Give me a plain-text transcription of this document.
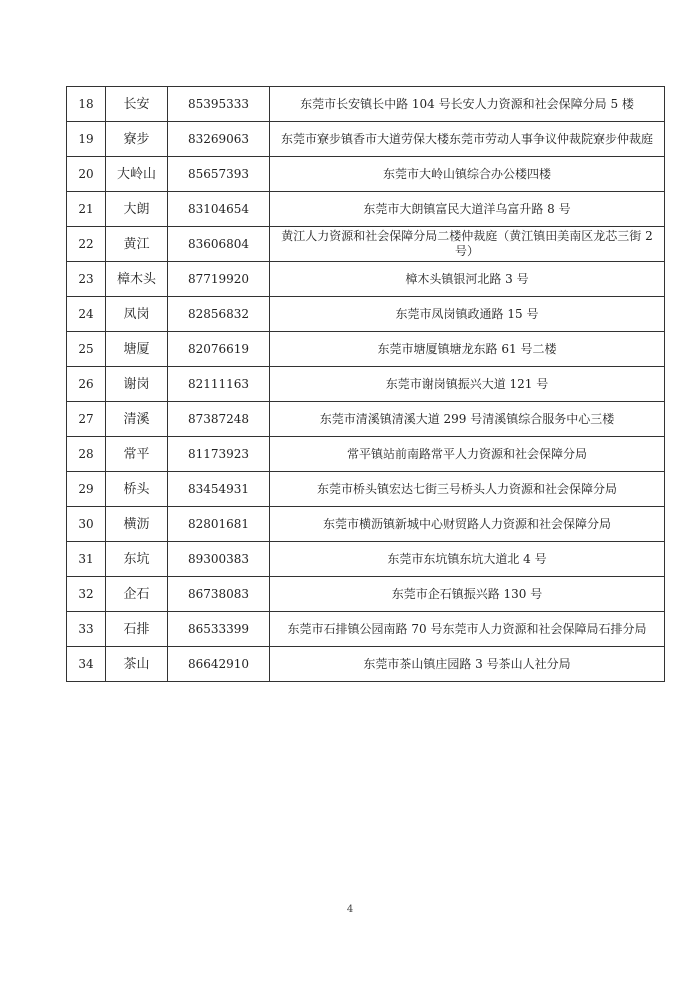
18	长安	85395333	东莞市长安镇长中路 104 号长安人力资源和社会保障分局 5 楼
19	寮步	83269063	东莞市寮步镇香市大道劳保大楼东莞市劳动人事争议仲裁院寮步仲裁庭
20	大岭山	85657393	东莞市大岭山镇综合办公楼四楼
21	大朗	83104654	东莞市大朗镇富民大道洋乌富升路 8 号
22	黄江	83606804	黄江人力资源和社会保障分局二楼仲裁庭（黄江镇田美南区龙芯三街 2 号）
23	樟木头	87719920	樟木头镇银河北路 3 号
24	凤岗	82856832	东莞市凤岗镇政通路 15 号
25	塘厦	82076619	东莞市塘厦镇塘龙东路 61 号二楼
26	谢岗	82111163	东莞市谢岗镇振兴大道 121 号
27	清溪	87387248	东莞市清溪镇清溪大道 299 号清溪镇综合服务中心三楼
28	常平	81173923	常平镇站前南路常平人力资源和社会保障分局
29	桥头	83454931	东莞市桥头镇宏达七街三号桥头人力资源和社会保障分局
30	横沥	82801681	东莞市横沥镇新城中心财贸路人力资源和社会保障分局
31	东坑	89300383	东莞市东坑镇东坑大道北 4 号
32	企石	86738083	东莞市企石镇振兴路 130 号
33	石排	86533399	东莞市石排镇公园南路 70 号东莞市人力资源和社会保障局石排分局
34	茶山	86642910	东莞市茶山镇庄园路 3 号茶山人社分局
4
